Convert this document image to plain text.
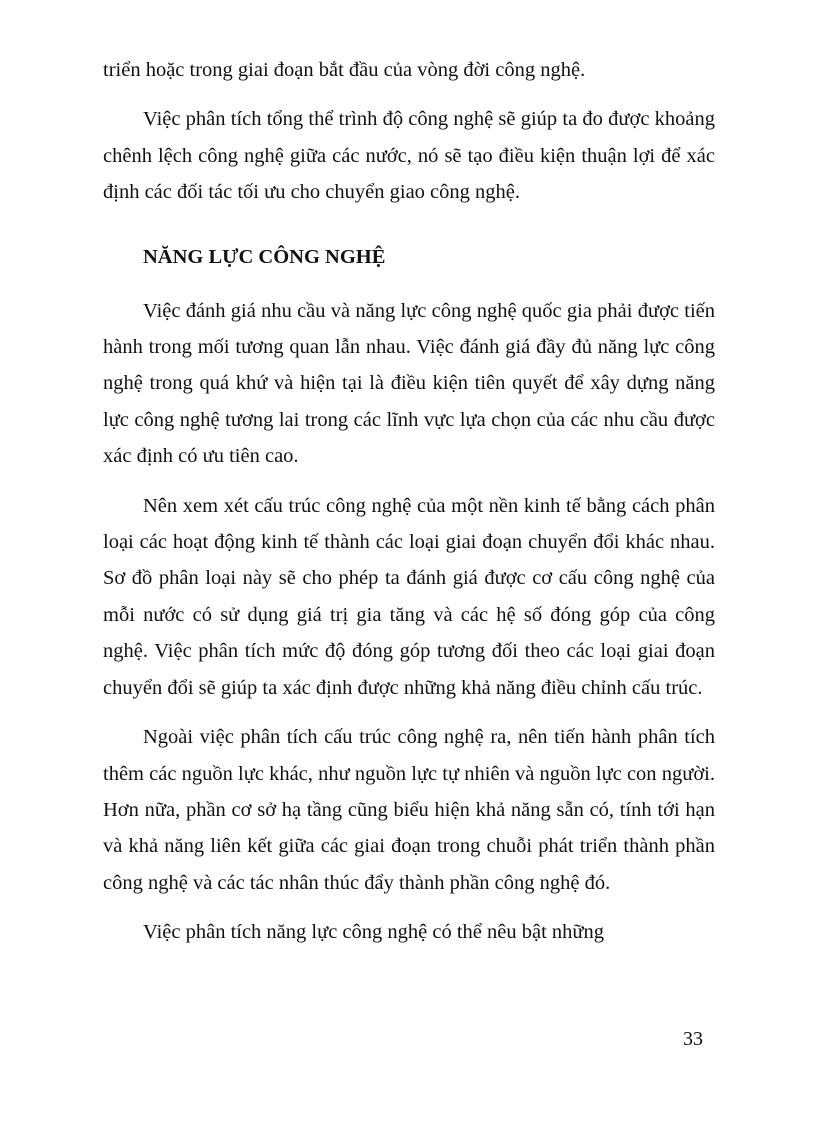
triển hoặc trong giai đoạn bắt đầu của vòng đời công nghệ.

Việc phân tích tổng thể trình độ công nghệ sẽ giúp ta đo được khoảng chênh lệch công nghệ giữa các nước, nó sẽ tạo điều kiện thuận lợi để xác định các đối tác tối ưu cho chuyển giao công nghệ.

NĂNG LỰC CÔNG NGHỆ

Việc đánh giá nhu cầu và năng lực công nghệ quốc gia phải được tiến hành trong mối tương quan lẫn nhau. Việc đánh giá đầy đủ năng lực công nghệ trong quá khứ và hiện tại là điều kiện tiên quyết để xây dựng năng lực công nghệ tương lai trong các lĩnh vực lựa chọn của các nhu cầu được xác định có ưu tiên cao.

Nên xem xét cấu trúc công nghệ của một nền kinh tế bằng cách phân loại các hoạt động kinh tế thành các loại giai đoạn chuyển đổi khác nhau. Sơ đồ phân loại này sẽ cho phép ta đánh giá được cơ cấu công nghệ của mỗi nước có sử dụng giá trị gia tăng và các hệ số đóng góp của công nghệ. Việc phân tích mức độ đóng góp tương đối theo các loại giai đoạn chuyển đổi sẽ giúp ta xác định được những khả năng điều chỉnh cấu trúc.

Ngoài việc phân tích cấu trúc công nghệ ra, nên tiến hành phân tích thêm các nguồn lực khác, như nguồn lực tự nhiên và nguồn lực con người. Hơn nữa, phần cơ sở hạ tầng cũng biểu hiện khả năng sẵn có, tính tới hạn và khả năng liên kết giữa các giai đoạn trong chuỗi phát triển thành phần công nghệ và các tác nhân thúc đẩy thành phần công nghệ đó.

Việc phân tích năng lực công nghệ có thể nêu bật những

33
